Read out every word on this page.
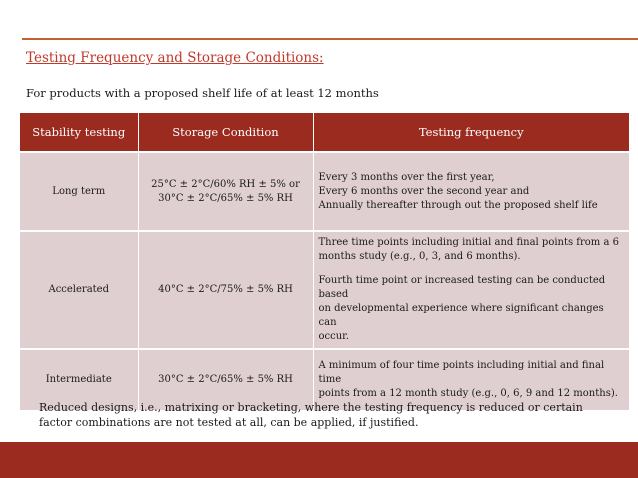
Testing Frequency and Storage Conditions:
For products with a proposed shelf life of at least 12 months
Stability testing	Storage Condition	Testing frequency
Long term	25°C ± 2°C/60% RH ± 5% or
30°C ± 2°C/65% ± 5% RH	Every 3 months over the first year,
Every 6 months over the second year and
Annually thereafter through out the proposed shelf life

Accelerated	40°C ± 2°C/75% ± 5% RH	Three time points including initial and final points from a 6
months study (e.g., 0, 3, and 6 months).
Fourth time point or increased testing can be conducted based
on developmental experience where significant changes can
occur.

Intermediate	30°C ± 2°C/65% ± 5% RH	A minimum of four time points including initial and final time
points from a 12 month study (e.g., 0, 6, 9 and 12 months).
Reduced designs, i.e., matrixing or bracketing, where the testing frequency is reduced or certain factor combinations are not tested at all, can be applied, if justified.
